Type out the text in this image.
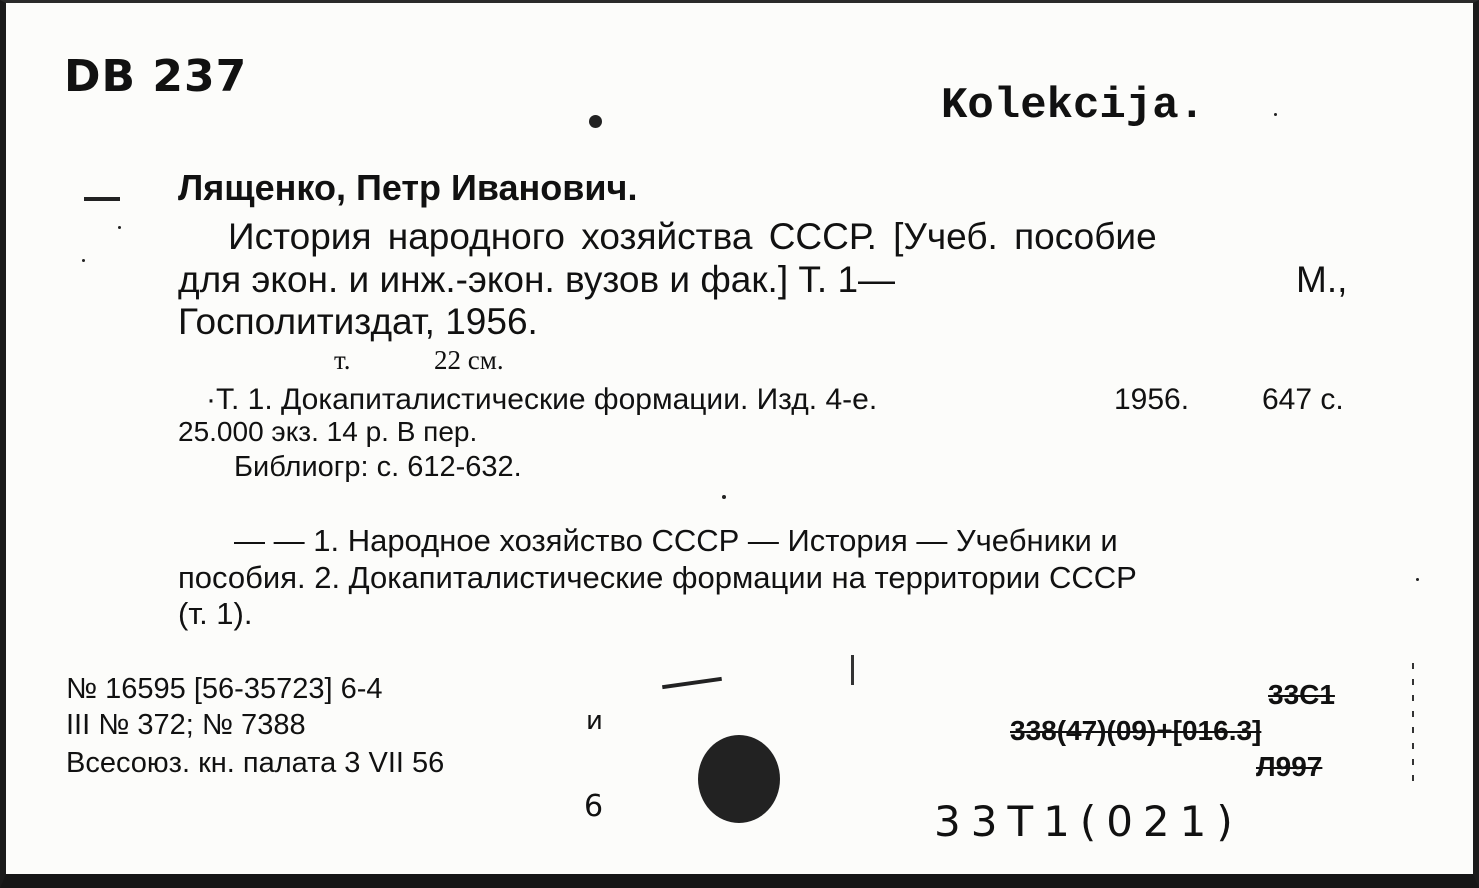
DB 237
Kolekcija.
Лященко, Петр Иванович.
История народного хозяйства СССР. [Учеб. пособие
для экон. и инж.-экон. вузов и фак.] Т. 1—	М.,
Госполитиздат, 1956.
т.	22 см.
·Т. 1. Докапиталистические формации. Изд. 4-е.	1956. 647 с.
25.000 экз. 14 р. В пер.
Библиогр: с. 612-632.
— — 1. Народное хозяйство СССР — История — Учебники и
пособия. 2. Докапиталистические формации на территории СССР
(т. 1).
№ 16595 [56-35723] 6-4
III № 372; № 7388
Всесоюз. кн. палата 3 VII 56
и
6
33С1
338(47)(09)+[016.3]
Л997
33Т1(021)
